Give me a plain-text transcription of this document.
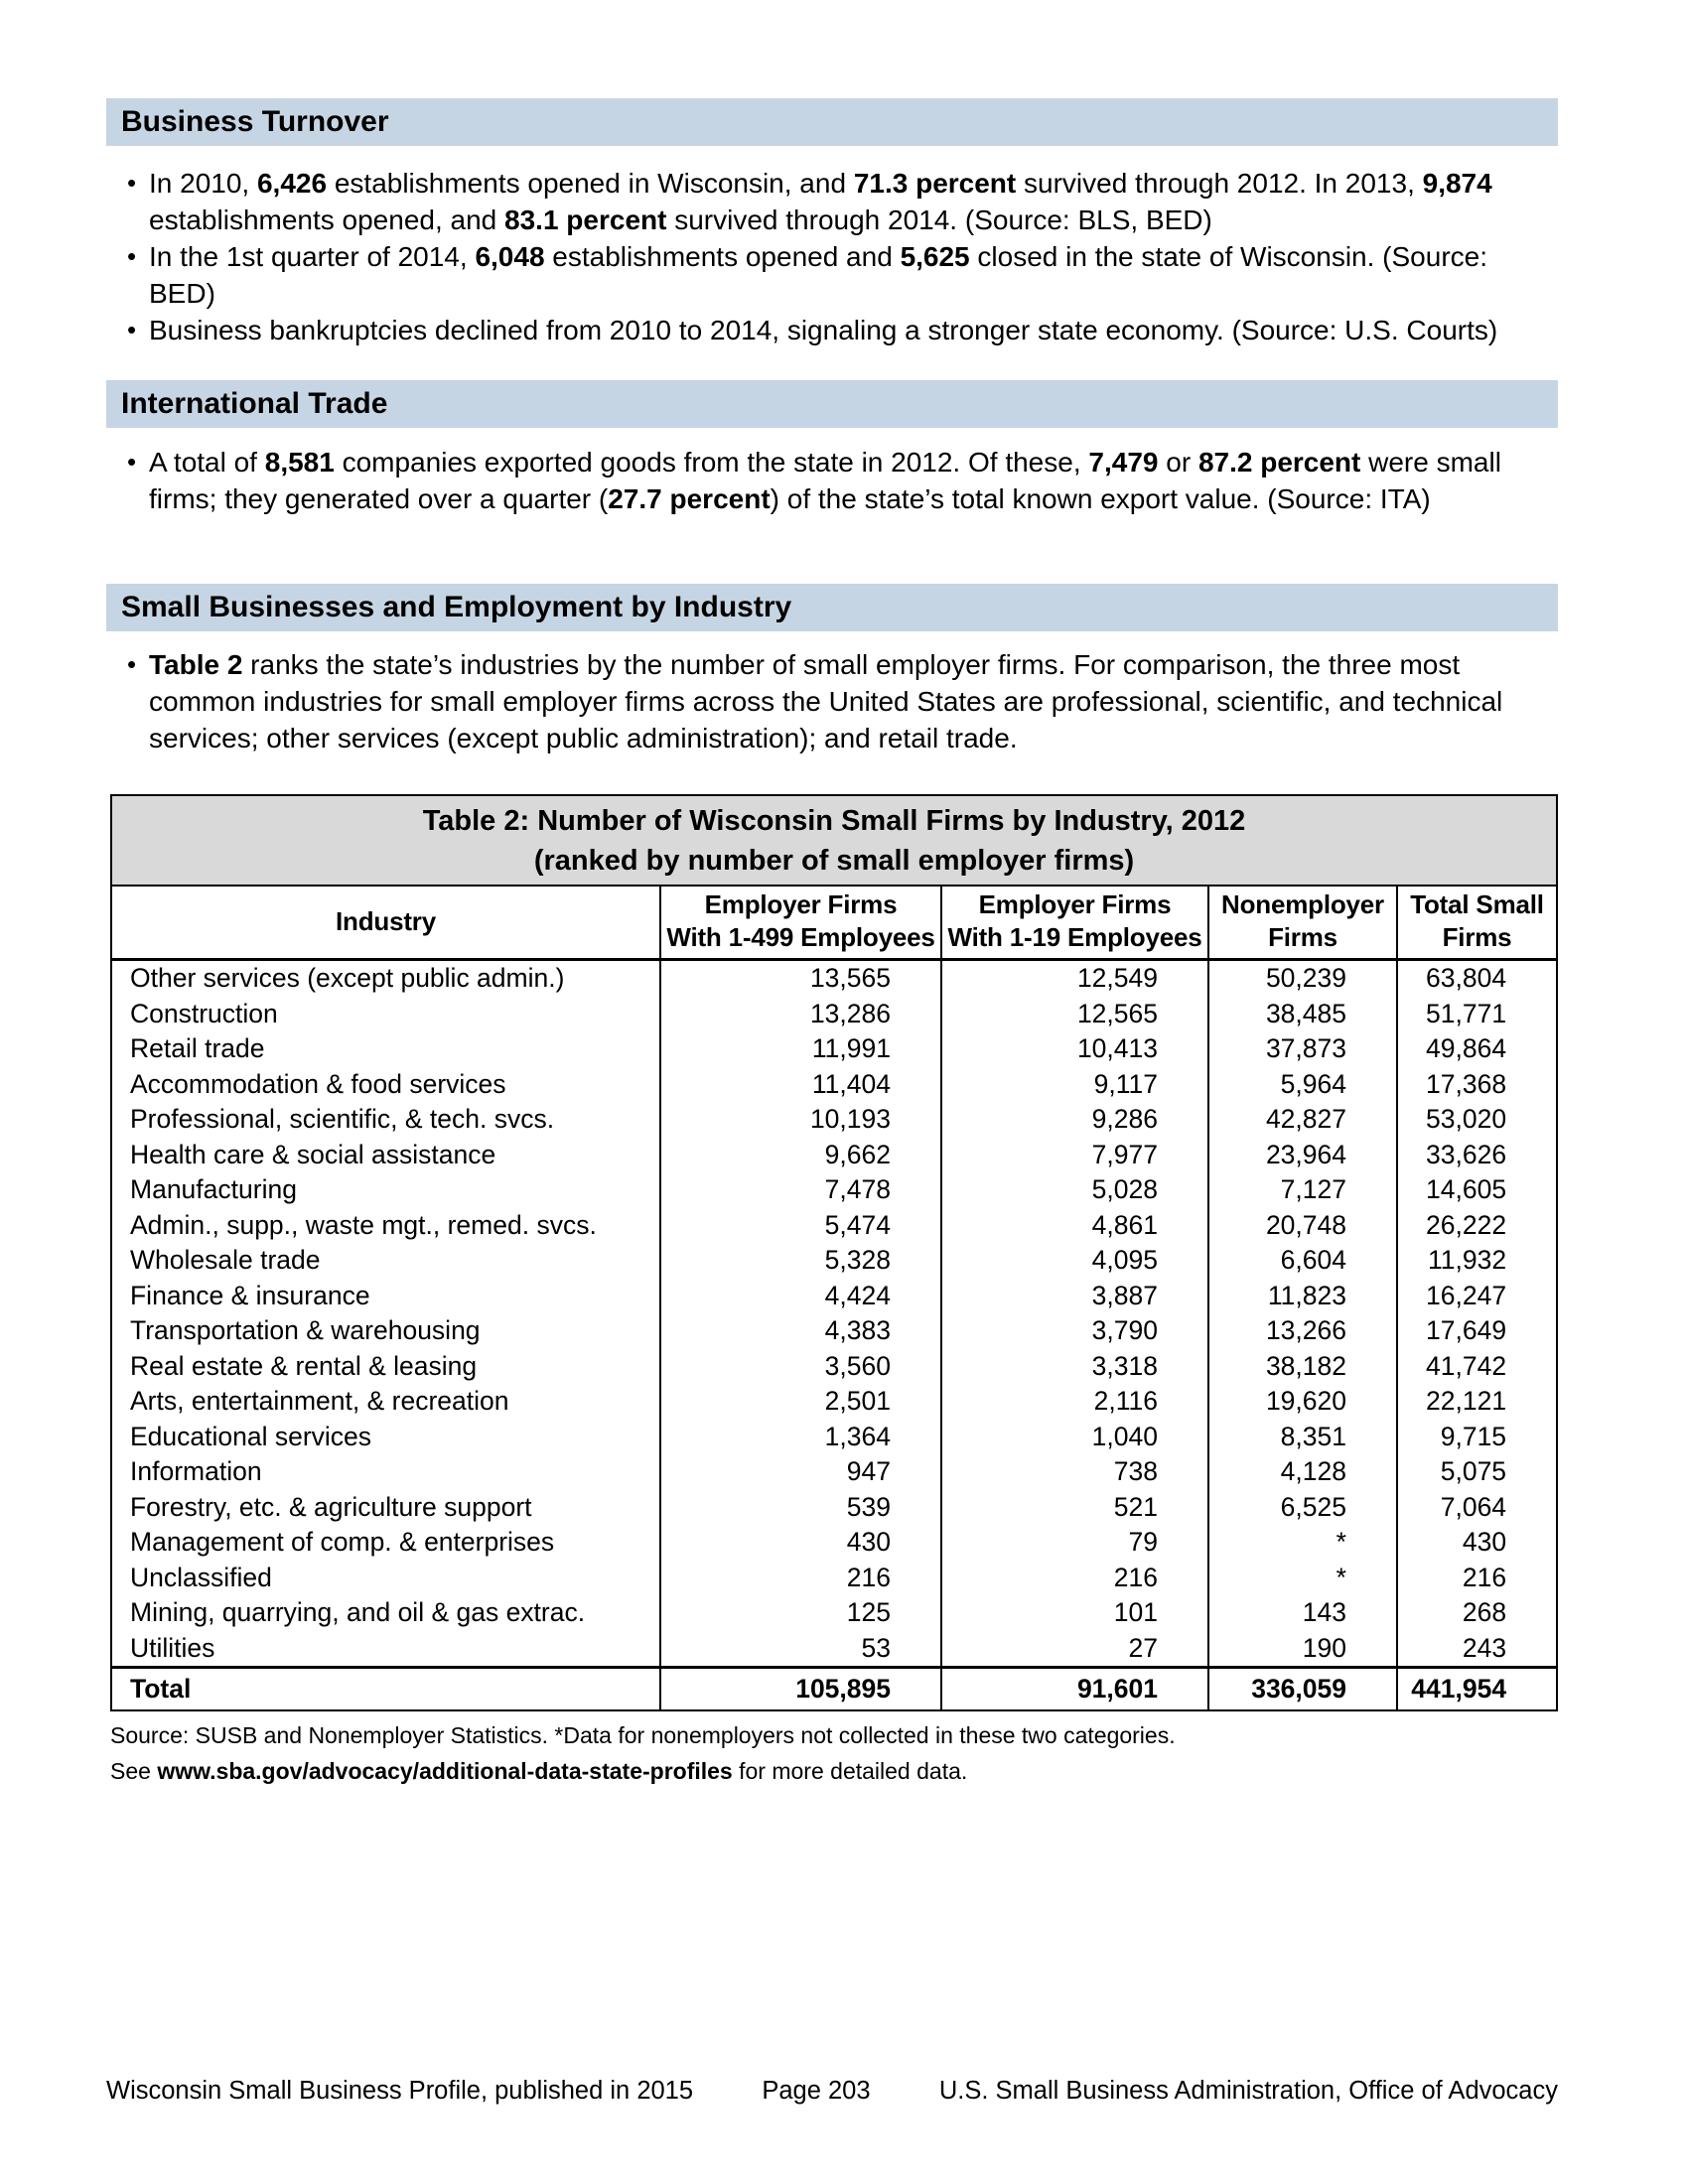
Business Turnover
• In 2010, 6,426 establishments opened in Wisconsin, and 71.3 percent survived through 2012. In 2013, 9,874 establishments opened, and 83.1 percent survived through 2014. (Source: BLS, BED)
• In the 1st quarter of 2014, 6,048 establishments opened and 5,625 closed in the state of Wisconsin. (Source: BED)
• Business bankruptcies declined from 2010 to 2014, signaling a stronger state economy. (Source: U.S. Courts)
International Trade
• A total of 8,581 companies exported goods from the state in 2012. Of these, 7,479 or 87.2 percent were small firms; they generated over a quarter (27.7 percent) of the state’s total known export value. (Source: ITA)
Small Businesses and Employment by Industry
• Table 2 ranks the state’s industries by the number of small employer firms. For comparison, the three most common industries for small employer firms across the United States are professional, scientific, and technical services; other services (except public administration); and retail trade.
Table 2: Number of Wisconsin Small Firms by Industry, 2012
(ranked by number of small employer firms)				

Industry	
Employer Firms
With 1-499 Employees

Employer Firms
With 1-19 Employees

Nonemployer
Firms

Total Small
Firms

Other services (except public admin.)	13,565	12,549	50,239	63,804
Construction	13,286	12,565	38,485	51,771
Retail trade	11,991	10,413	37,873	49,864
Accommodation & food services	11,404	9,117	5,964	17,368
Professional, scientific, & tech. svcs.	10,193	9,286	42,827	53,020
Health care & social assistance	9,662	7,977	23,964	33,626
Manufacturing	7,478	5,028	7,127	14,605
Admin., supp., waste mgt., remed. svcs.	5,474	4,861	20,748	26,222
Wholesale trade	5,328	4,095	6,604	11,932
Finance & insurance	4,424	3,887	11,823	16,247
Transportation & warehousing	4,383	3,790	13,266	17,649
Real estate & rental & leasing	3,560	3,318	38,182	41,742
Arts, entertainment, & recreation	2,501	2,116	19,620	22,121
Educational services	1,364	1,040	8,351	9,715
Information	947	738	4,128	5,075
Forestry, etc. & agriculture support	539	521	6,525	7,064
Management of comp. & enterprises	430	79	*	430
Unclassified	216	216	*	216
Mining, quarrying, and oil & gas extrac.	125	101	143	268
Utilities	53	27	190	243
Total	105,895	91,601	336,059	441,954
Source: SUSB and Nonemployer Statistics. *Data for nonemployers not collected in these two categories.
See www.sba.gov/advocacy/additional-data-state-profiles for more detailed data.
Wisconsin Small Business Profile, published in 2015	Page 203	U.S. Small Business Administration, Office of Advocacy
